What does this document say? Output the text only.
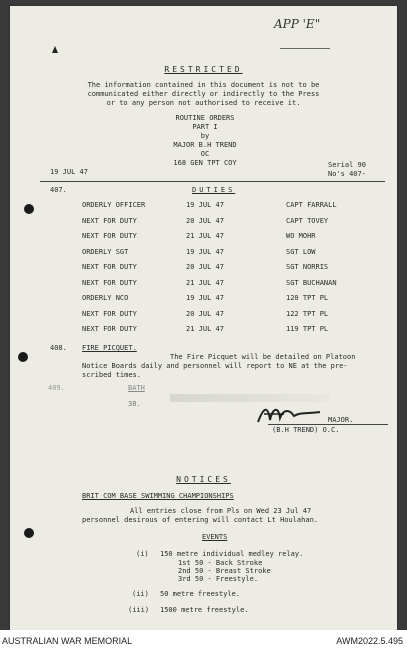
APP 'E"
RESTRICTED
The information contained in this document is not to be
communicated either directly or indirectly to the Press
or to any person not authorised to receive it.
ROUTINE ORDERS
PART I
by
MAJOR B.H TREND
OC
168 GEN TPT COY
19 JUL 47
Serial 90
No's 407-
407.	DUTIES
408. FIRE PICQUET.
The Fire Picquet will be detailed on Platoon
Notice Boards daily and personnel will report to NE at the pre-
scribed times.
409.	BATH
38.
MAJOR.
(B.H TREND) O.C.
NOTICES
BRIT COM BASE SWIMMING CHAMPIONSHIPS
All entries close from Pls on Wed 23 Jul 47
personnel desirous of entering will contact Lt Houlahan.
EVENTS
(i) 150 metre individual medley relay.
1st 50 - Back Stroke
2nd 50 - Breast Stroke
3rd 50 - Freestyle.
(ii) 50 metre freestyle.
(iii) 1500 metre freestyle.
ORDERLY OFFICER	19 JUL 47	CAPT FARRALL
NEXT FOR DUTY	20 JUL 47	CAPT TOVEY
NEXT FOR DUTY	21 JUL 47	WO MOHR
ORDERLY SGT	19 JUL 47	SGT LOW
NEXT FOR DUTY	20 JUL 47	SGT NORRIS
NEXT FOR DUTY	21 JUL 47	SGT BUCHANAN
ORDERLY NCO	19 JUL 47	120 TPT PL
NEXT FOR DUTY	20 JUL 47	122 TPT PL
NEXT FOR DUTY	21 JUL 47	119 TPT PL
AUSTRALIAN WAR MEMORIAL	AWM2022.5.495
